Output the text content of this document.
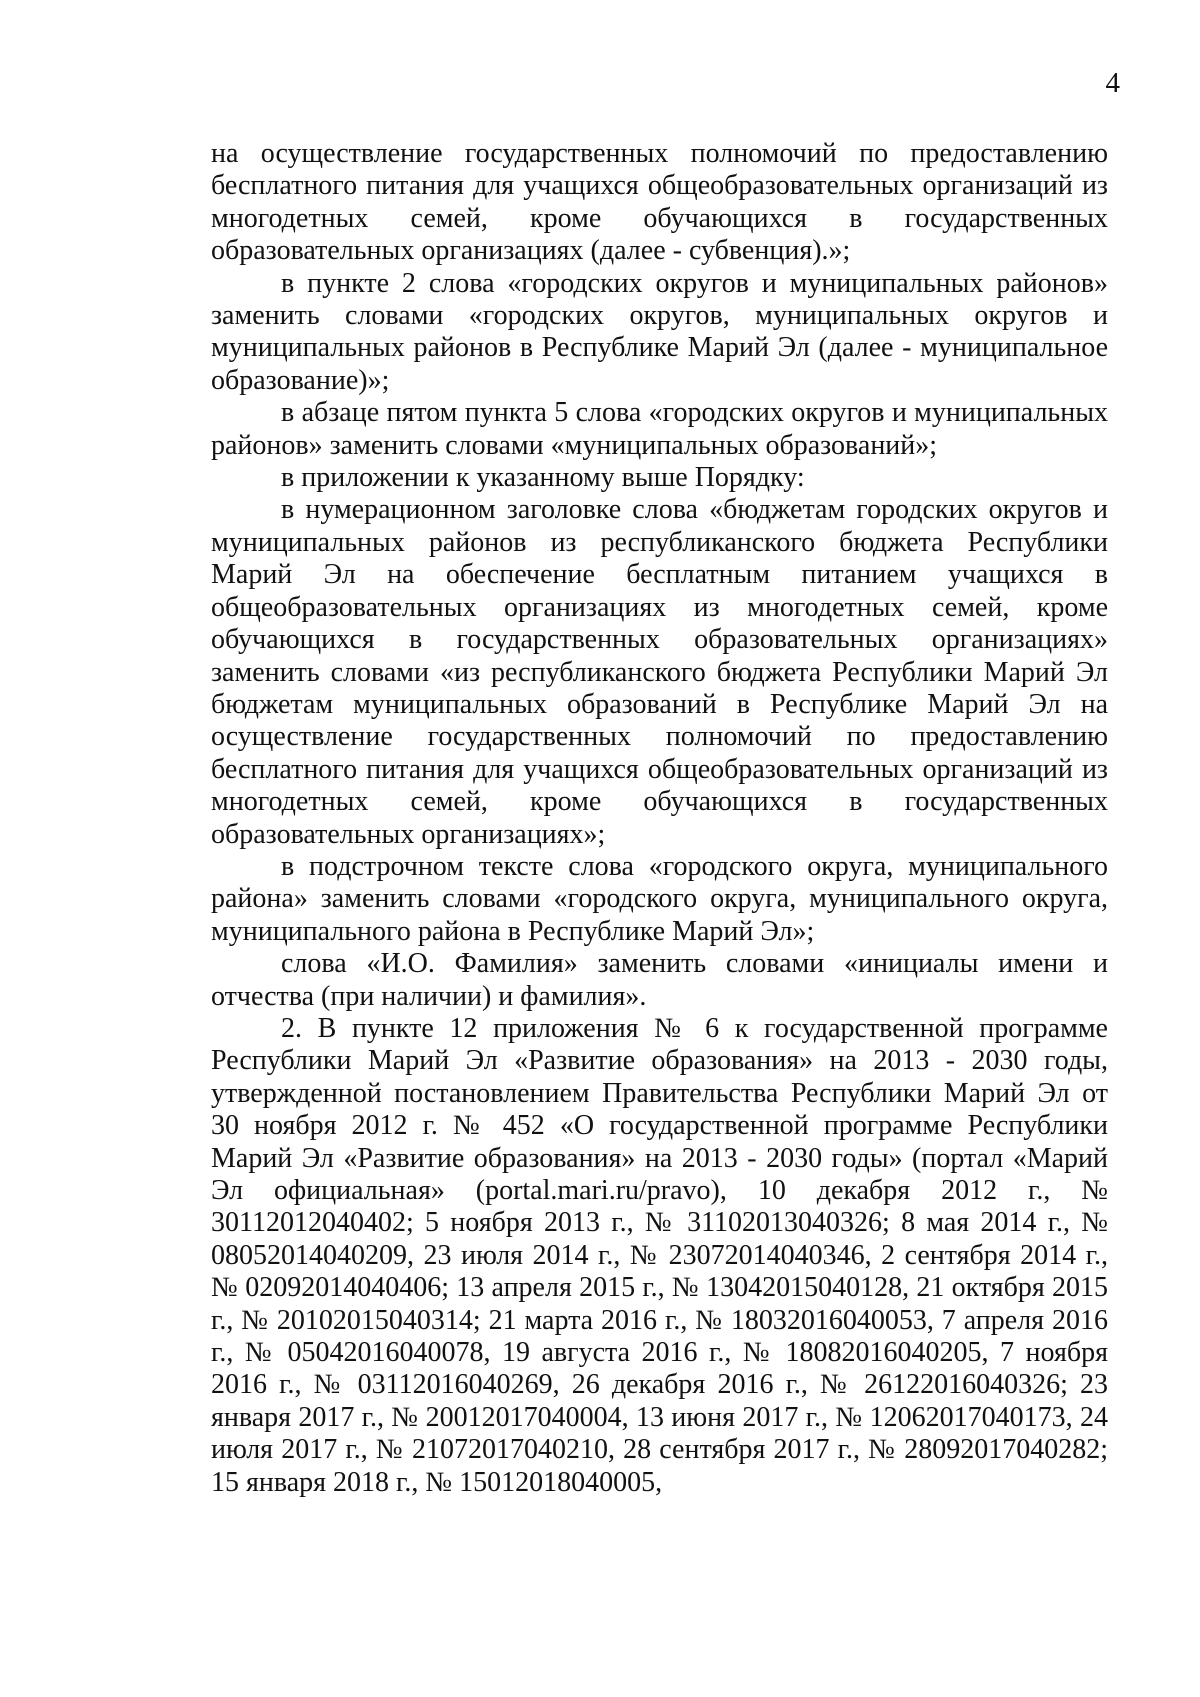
4

на осуществление государственных полномочий по предоставлению бесплатного питания для учащихся общеобразовательных организаций из многодетных семей, кроме обучающихся в государственных образовательных организациях (далее - субвенция).»;

в пункте 2 слова «городских округов и муниципальных районов» заменить словами «городских округов, муниципальных округов и муниципальных районов в Республике Марий Эл (далее - муниципальное образование)»;

в абзаце пятом пункта 5 слова «городских округов и муниципальных районов» заменить словами «муниципальных образований»;

в приложении к указанному выше Порядку:

в нумерационном заголовке слова «бюджетам городских округов и муниципальных районов из республиканского бюджета Республики Марий Эл на обеспечение бесплатным питанием учащихся в общеобразовательных организациях из многодетных семей, кроме обучающихся в государственных образовательных организациях» заменить словами «из республиканского бюджета Республики Марий Эл бюджетам муниципальных образований в Республике Марий Эл на осуществление государственных полномочий по предоставлению бесплатного питания для учащихся общеобразовательных организаций из многодетных семей, кроме обучающихся в государственных образовательных организациях»;

в подстрочном тексте слова «городского округа, муниципального района» заменить словами «городского округа, муниципального округа, муниципального района в Республике Марий Эл»;

слова «И.О. Фамилия» заменить словами «инициалы имени и отчества (при наличии) и фамилия».

2. В пункте 12 приложения № 6 к государственной программе Республики Марий Эл «Развитие образования» на 2013 - 2030 годы, утвержденной постановлением Правительства Республики Марий Эл от 30 ноября 2012 г. № 452 «О государственной программе Республики Марий Эл «Развитие образования» на 2013 - 2030 годы» (портал «Марий Эл официальная» (portal.mari.ru/pravo), 10 декабря 2012 г., № 30112012040402; 5 ноября 2013 г., № 31102013040326; 8 мая 2014 г., № 08052014040209, 23 июля 2014 г., № 23072014040346, 2 сентября 2014 г., № 02092014040406; 13 апреля 2015 г., № 13042015040128, 21 октября 2015 г., № 20102015040314; 21 марта 2016 г., № 18032016040053, 7 апреля 2016 г., № 05042016040078, 19 августа 2016 г., № 18082016040205, 7 ноября 2016 г., № 03112016040269, 26 декабря 2016 г., № 26122016040326; 23 января 2017 г., № 20012017040004, 13 июня 2017 г., № 12062017040173, 24 июля 2017 г., № 21072017040210, 28 сентября 2017 г., № 28092017040282; 15 января 2018 г., № 15012018040005,
